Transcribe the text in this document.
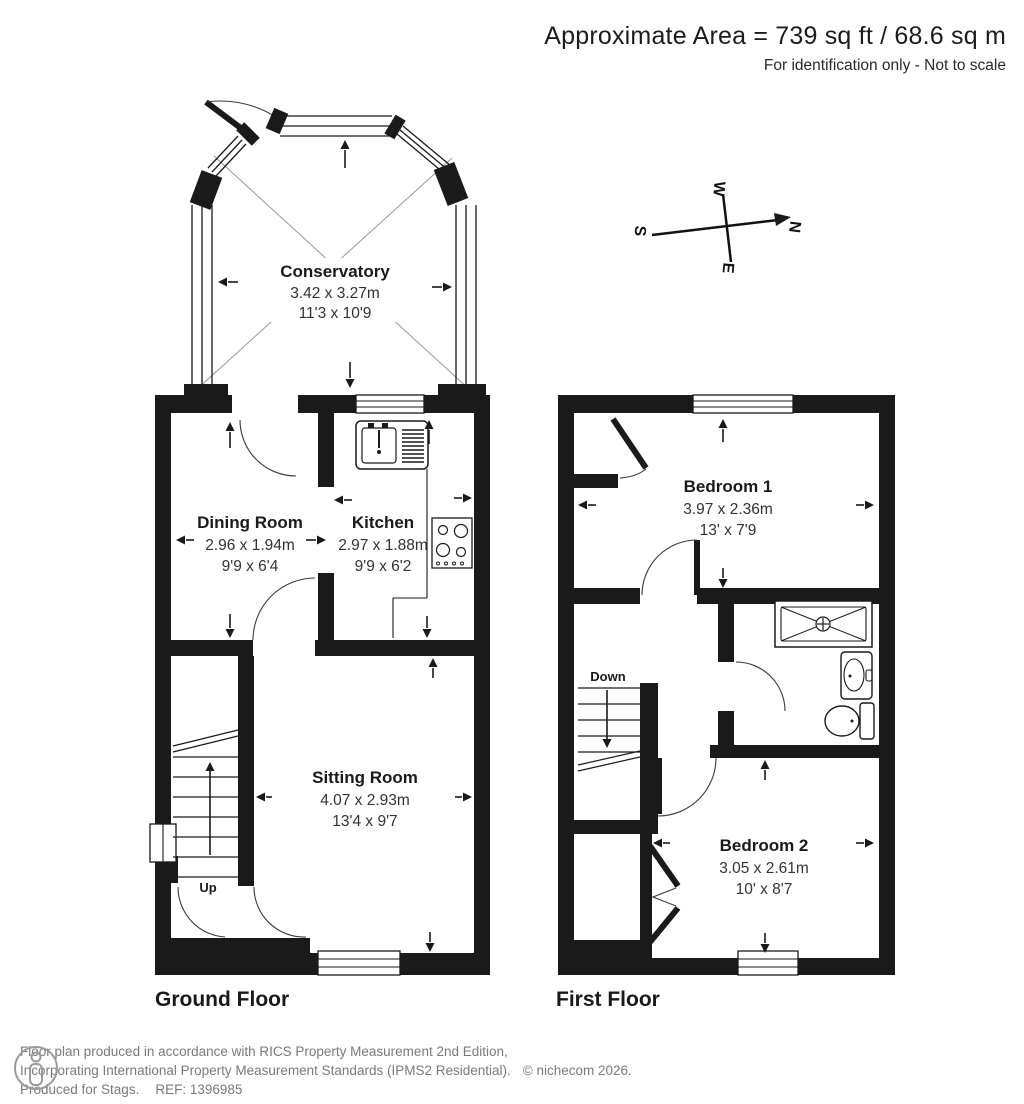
Approximate Area = 739 sq ft / 68.6 sq m
For identification only - Not to scale
W
N
S
E
Up
Conservatory
3.42 x 3.27m
11'3 x 10'9
Dining Room
2.96 x 1.94m
9'9 x 6'4
Kitchen
2.97 x 1.88m
9'9 x 6'2
Sitting Room
4.07 x 2.93m
13'4 x 9'7
Ground Floor
Down
Bedroom 1
3.97 x 2.36m
13' x 7'9
Bedroom 2
3.05 x 2.61m
10' x 8'7
First Floor
Floor plan produced in accordance with RICS Property Measurement 2nd Edition,
Incorporating International Property Measurement Standards (IPMS2 Residential). © nichecom 2026.
Produced for Stags. REF: 1396985
